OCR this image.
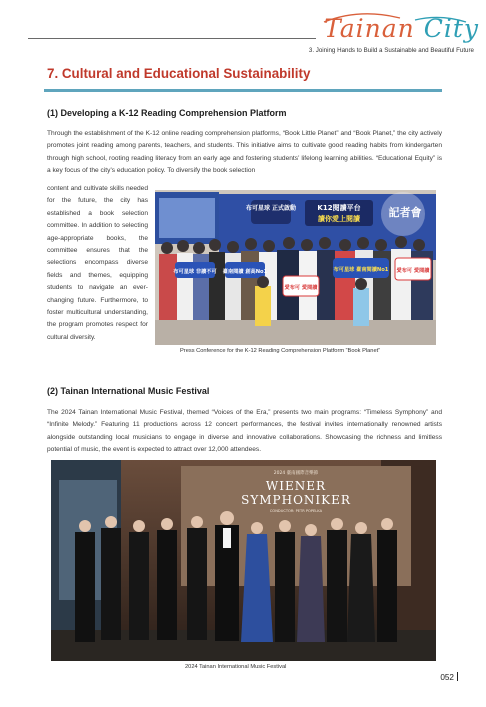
Tainan City
3. Joining Hands to Build a Sustainable and Beautiful Future
7. Cultural and Educational Sustainability
(1) Developing a K-12 Reading Comprehension Platform

Through the establishment of the K-12 online reading comprehension platforms, “Book Little Planet” and “Book Planet,” the city actively promotes joint reading among parents, teachers, and students. This initiative aims to cultivate good reading habits from kindergarten through high school, rooting reading literacy from an early age and fostering students’ lifelong learning abilities. “Educational Equity” is a key focus of the city’s education policy. To diversify the book selection

content and cultivate skills needed for the future, the city has established a book selection committee. In addition to selecting age-appropriate books, the committee ensures that the selections encompass diverse fields and themes, equipping students to navigate an ever-changing future. Furthermore, to foster multicultural understanding, the program promotes respect for cultural diversity.

布可星球 正式啟動	K12閱讀平台
讀你愛上閱讀	記者會
布可星球 非讀不可 臺南閱讀 創高No1
愛布可 愛閱讀
布可星球 臺南閱讀No1 愛布可 愛閱讀
Press Conference for the K-12 Reading Comprehension Platform “Book Planet”
(2) Tainan International Music Festival

The 2024 Tainan International Music Festival, themed “Voices of the Era,” presents two main programs: “Timeless Symphony” and “Infinite Melody.” Featuring 11 productions across 12 concert performances, the festival invites internationally renowned artists alongside outstanding local musicians to engage in diverse and innovative collaborations. Showcasing the richness and limitless potential of music, the event is expected to attract over 12,000 attendees.

2024 臺南國際音樂節
WIENER
SYMPHONIKER
CONDUCTOR: PETR POPELKA
2024 Tainan International Music Festival
052
